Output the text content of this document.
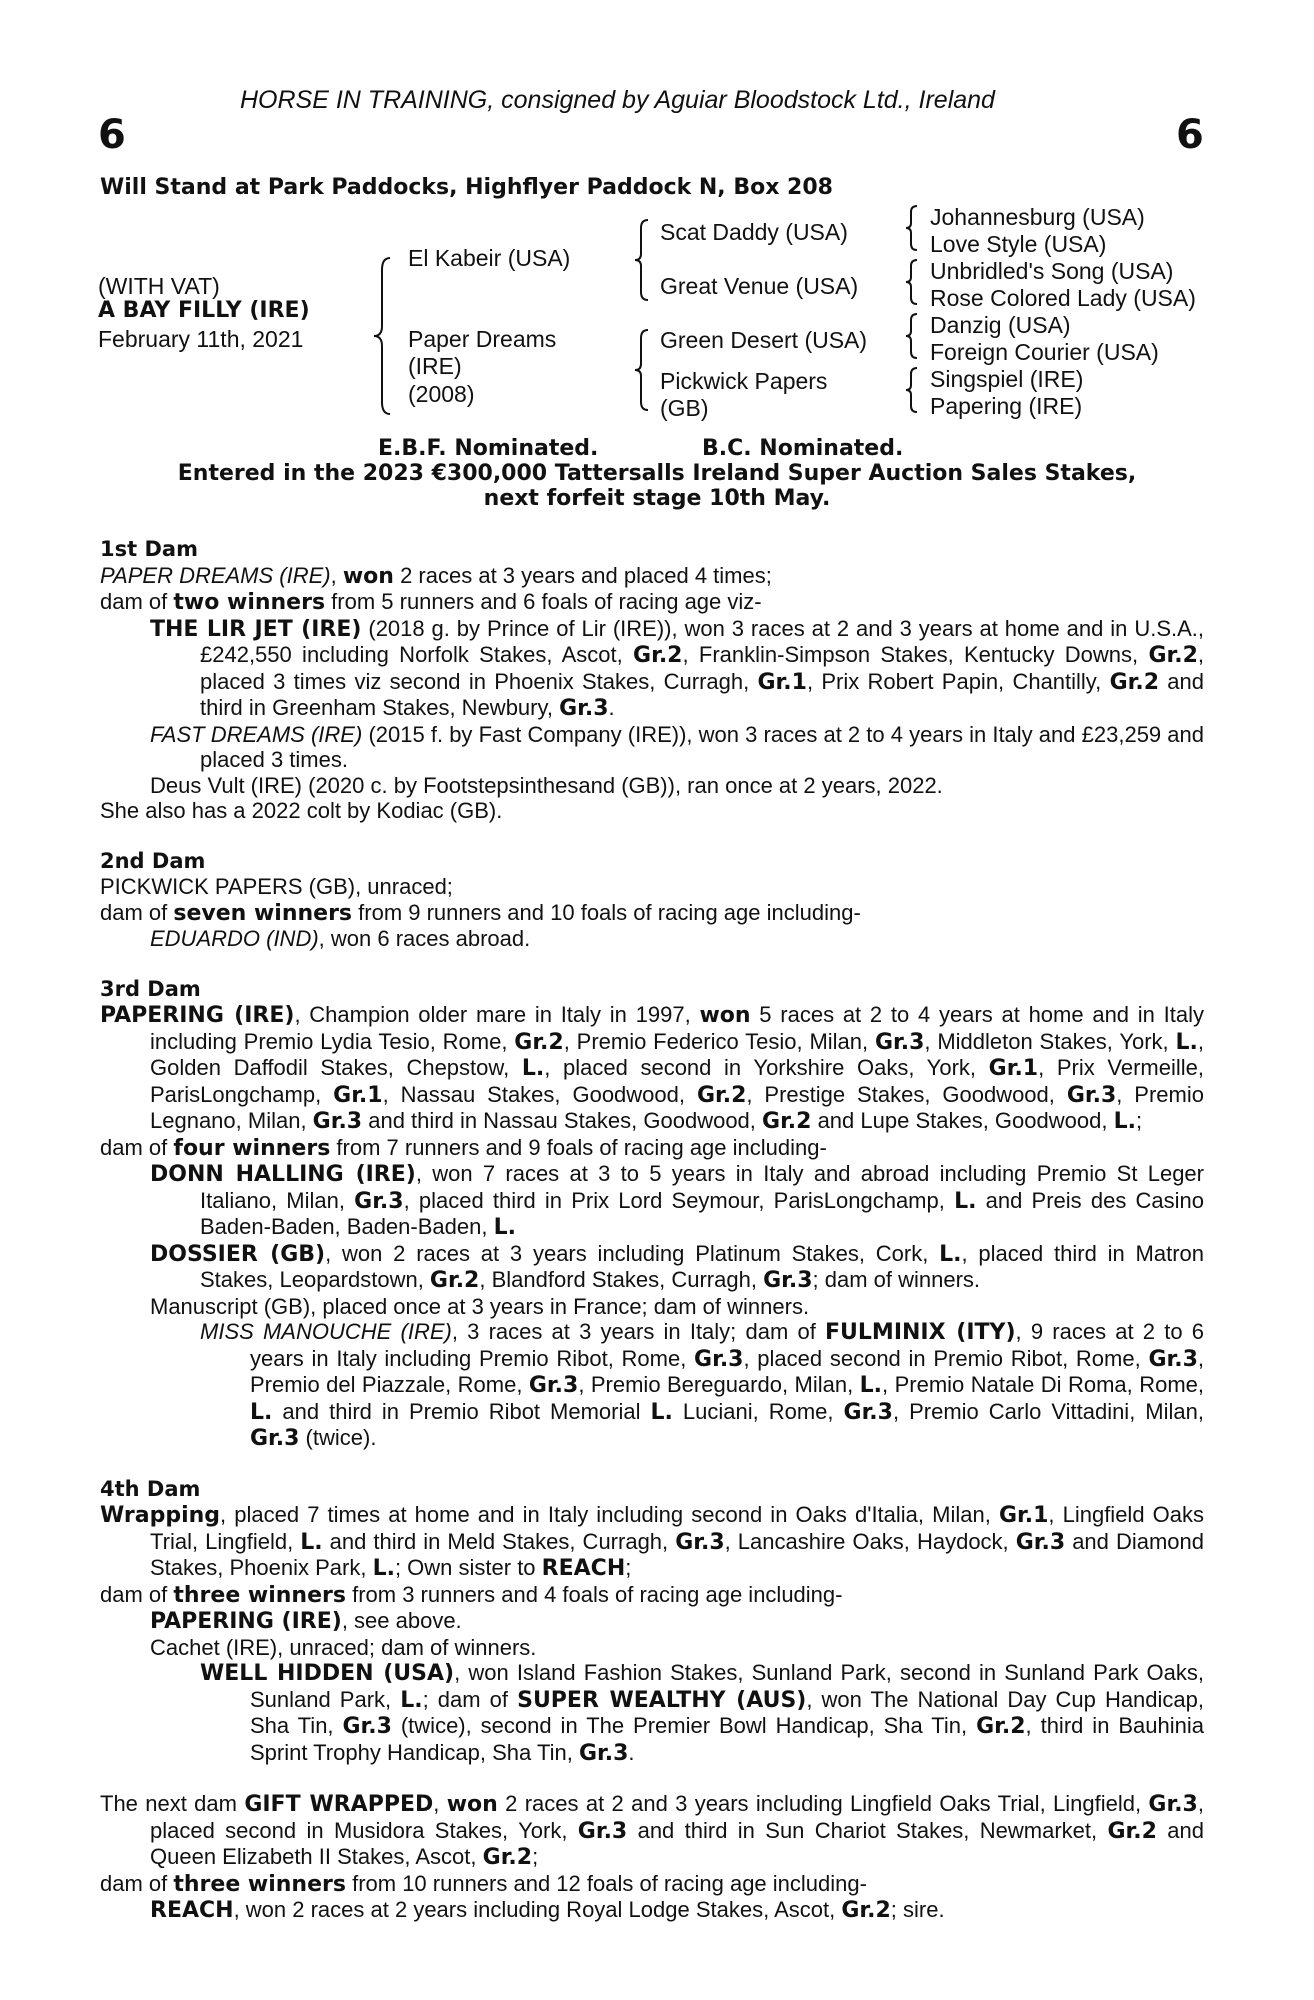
HORSE IN TRAINING, consigned by Aguiar Bloodstock Ltd., Ireland
6	6
Will Stand at Park Paddocks, Highflyer Paddock N, Box 208
(WITH VAT)
A BAY FILLY (IRE)
February 11th, 2021
El Kabeir (USA)
Paper Dreams
(IRE)
(2008)
Scat Daddy (USA)
Great Venue (USA)
Green Desert (USA)
Pickwick Papers
(GB)
Johannesburg (USA)
Love Style (USA)
Unbridled's Song (USA)
Rose Colored Lady (USA)
Danzig (USA)
Foreign Courier (USA)
Singspiel (IRE)
Papering (IRE)
E.B.F. Nominated.	B.C. Nominated.
Entered in the 2023 €300,000 Tattersalls Ireland Super Auction Sales Stakes,
next forfeit stage 10th May.
1st Dam
PAPER DREAMS (IRE), won 2 races at 3 years and placed 4 times;
dam of two winners from 5 runners and 6 foals of racing age viz-
THE LIR JET (IRE) (2018 g. by Prince of Lir (IRE)), won 3 races at 2 and 3 years at home and in U.S.A., £242,550 including Norfolk Stakes, Ascot, Gr.2, Franklin-Simpson Stakes, Kentucky Downs, Gr.2, placed 3 times viz second in Phoenix Stakes, Curragh, Gr.1, Prix Robert Papin, Chantilly, Gr.2 and third in Greenham Stakes, Newbury, Gr.3.
FAST DREAMS (IRE) (2015 f. by Fast Company (IRE)), won 3 races at 2 to 4 years in Italy and £23,259 and placed 3 times.
Deus Vult (IRE) (2020 c. by Footstepsinthesand (GB)), ran once at 2 years, 2022.
She also has a 2022 colt by Kodiac (GB).
2nd Dam
PICKWICK PAPERS (GB), unraced;
dam of seven winners from 9 runners and 10 foals of racing age including-
EDUARDO (IND), won 6 races abroad.
3rd Dam
PAPERING (IRE), Champion older mare in Italy in 1997, won 5 races at 2 to 4 years at home and in Italy including Premio Lydia Tesio, Rome, Gr.2, Premio Federico Tesio, Milan, Gr.3, Middleton Stakes, York, L., Golden Daffodil Stakes, Chepstow, L., placed second in Yorkshire Oaks, York, Gr.1, Prix Vermeille, ParisLongchamp, Gr.1, Nassau Stakes, Goodwood, Gr.2, Prestige Stakes, Goodwood, Gr.3, Premio Legnano, Milan, Gr.3 and third in Nassau Stakes, Goodwood, Gr.2 and Lupe Stakes, Goodwood, L.;
dam of four winners from 7 runners and 9 foals of racing age including-
DONN HALLING (IRE), won 7 races at 3 to 5 years in Italy and abroad including Premio St Leger Italiano, Milan, Gr.3, placed third in Prix Lord Seymour, ParisLongchamp, L. and Preis des Casino Baden-Baden, Baden-Baden, L.
DOSSIER (GB), won 2 races at 3 years including Platinum Stakes, Cork, L., placed third in Matron Stakes, Leopardstown, Gr.2, Blandford Stakes, Curragh, Gr.3; dam of winners.
Manuscript (GB), placed once at 3 years in France; dam of winners.
MISS MANOUCHE (IRE), 3 races at 3 years in Italy; dam of FULMINIX (ITY), 9 races at 2 to 6 years in Italy including Premio Ribot, Rome, Gr.3, placed second in Premio Ribot, Rome, Gr.3, Premio del Piazzale, Rome, Gr.3, Premio Bereguardo, Milan, L., Premio Natale Di Roma, Rome, L. and third in Premio Ribot Memorial L. Luciani, Rome, Gr.3, Premio Carlo Vittadini, Milan, Gr.3 (twice).
4th Dam
Wrapping, placed 7 times at home and in Italy including second in Oaks d'Italia, Milan, Gr.1, Lingfield Oaks Trial, Lingfield, L. and third in Meld Stakes, Curragh, Gr.3, Lancashire Oaks, Haydock, Gr.3 and Diamond Stakes, Phoenix Park, L.; Own sister to REACH;
dam of three winners from 3 runners and 4 foals of racing age including-
PAPERING (IRE), see above.
Cachet (IRE), unraced; dam of winners.
WELL HIDDEN (USA), won Island Fashion Stakes, Sunland Park, second in Sunland Park Oaks, Sunland Park, L.; dam of SUPER WEALTHY (AUS), won The National Day Cup Handicap, Sha Tin, Gr.3 (twice), second in The Premier Bowl Handicap, Sha Tin, Gr.2, third in Bauhinia Sprint Trophy Handicap, Sha Tin, Gr.3.
The next dam GIFT WRAPPED, won 2 races at 2 and 3 years including Lingfield Oaks Trial, Lingfield, Gr.3, placed second in Musidora Stakes, York, Gr.3 and third in Sun Chariot Stakes, Newmarket, Gr.2 and Queen Elizabeth II Stakes, Ascot, Gr.2;
dam of three winners from 10 runners and 12 foals of racing age including-
REACH, won 2 races at 2 years including Royal Lodge Stakes, Ascot, Gr.2; sire.
